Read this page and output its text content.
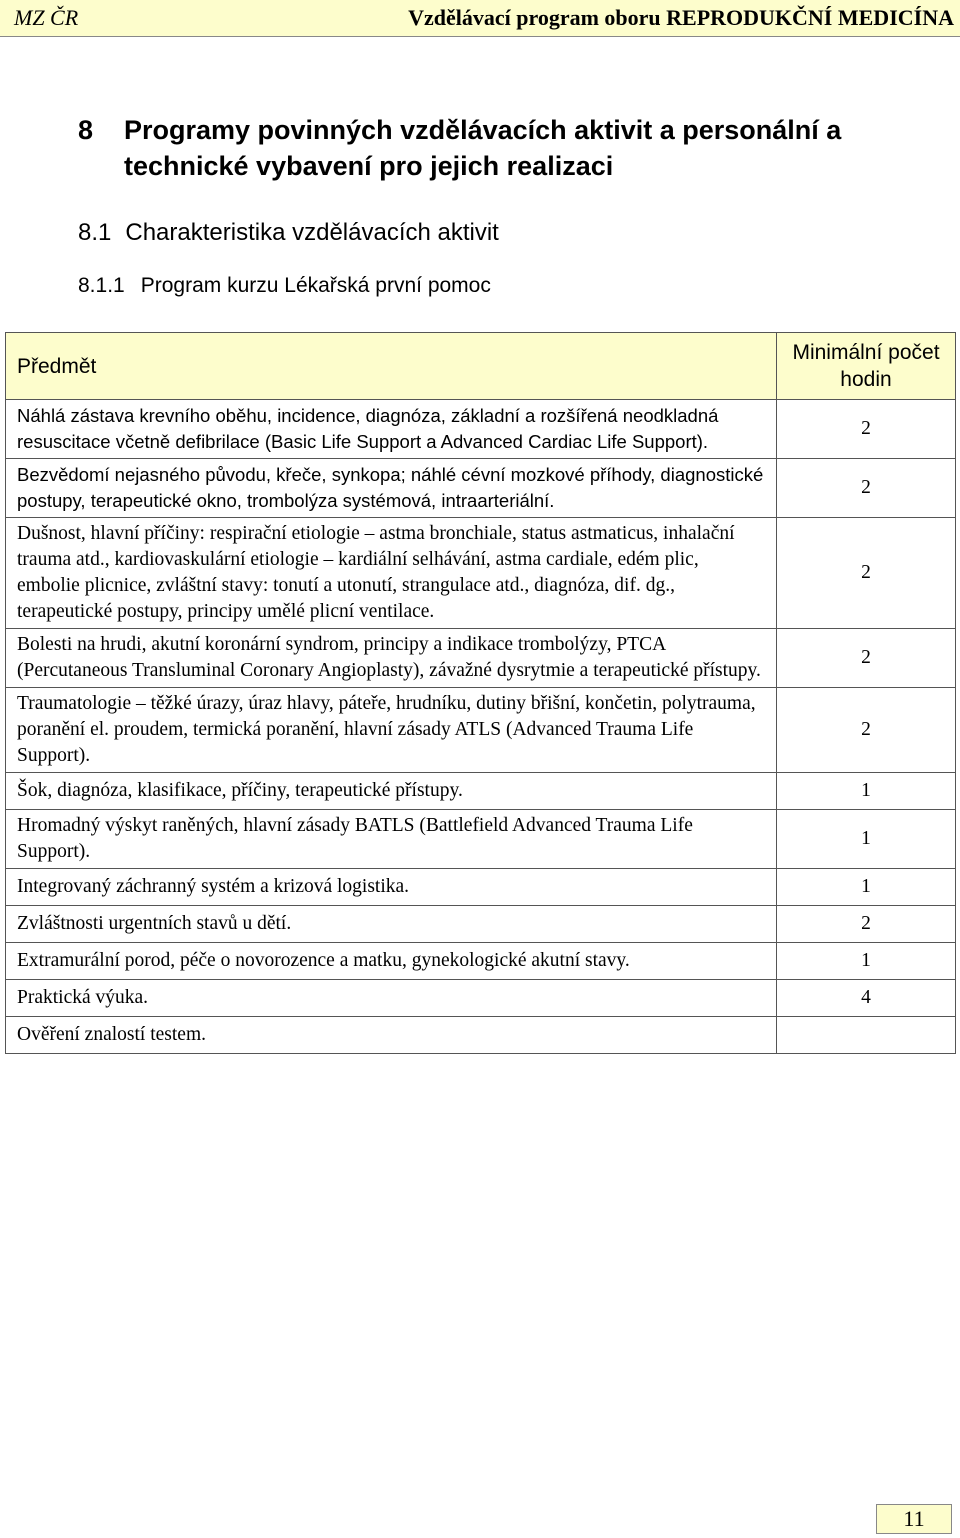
MZ ČR	Vzdělávací program oboru REPRODUKČNÍ MEDICÍNA
8 Programy povinných vzdělávacích aktivit a personální a technické vybavení pro jejich realizaci
8.1 Charakteristika vzdělávacích aktivit
8.1.1 Program kurzu Lékařská první pomoc
Předmět	Minimální počet hodin
Náhlá zástava krevního oběhu, incidence, diagnóza, základní a rozšířená neodkladná resuscitace včetně defibrilace (Basic Life Support a Advanced Cardiac Life Support).	2
Bezvědomí nejasného původu, křeče, synkopa; náhlé cévní mozkové příhody, diagnostické postupy, terapeutické okno, trombolýza systémová, intraarteriální.	2
Dušnost, hlavní příčiny: respirační etiologie – astma bronchiale, status astmaticus, inhalační trauma atd., kardiovaskulární etiologie – kardiální selhávání, astma cardiale, edém plic, embolie plicnice, zvláštní stavy: tonutí a utonutí, strangulace atd., diagnóza, dif. dg., terapeutické postupy, principy umělé plicní ventilace.	2
Bolesti na hrudi, akutní koronární syndrom, principy a indikace trombolýzy, PTCA (Percutaneous Transluminal Coronary Angioplasty), závažné dysrytmie a terapeutické přístupy.	2
Traumatologie – těžké úrazy, úraz hlavy, páteře, hrudníku, dutiny břišní, končetin, polytrauma, poranění el. proudem, termická poranění, hlavní zásady ATLS (Advanced Trauma Life Support).	2
Šok, diagnóza, klasifikace, příčiny, terapeutické přístupy.	1
Hromadný výskyt raněných, hlavní zásady BATLS (Battlefield Advanced Trauma Life Support).	1
Integrovaný záchranný systém a krizová logistika.	1
Zvláštnosti urgentních stavů u dětí.	2
Extramurální porod, péče o novorozence a matku, gynekologické akutní stavy.	1
Praktická výuka.	4
Ověření znalostí testem.	
11
